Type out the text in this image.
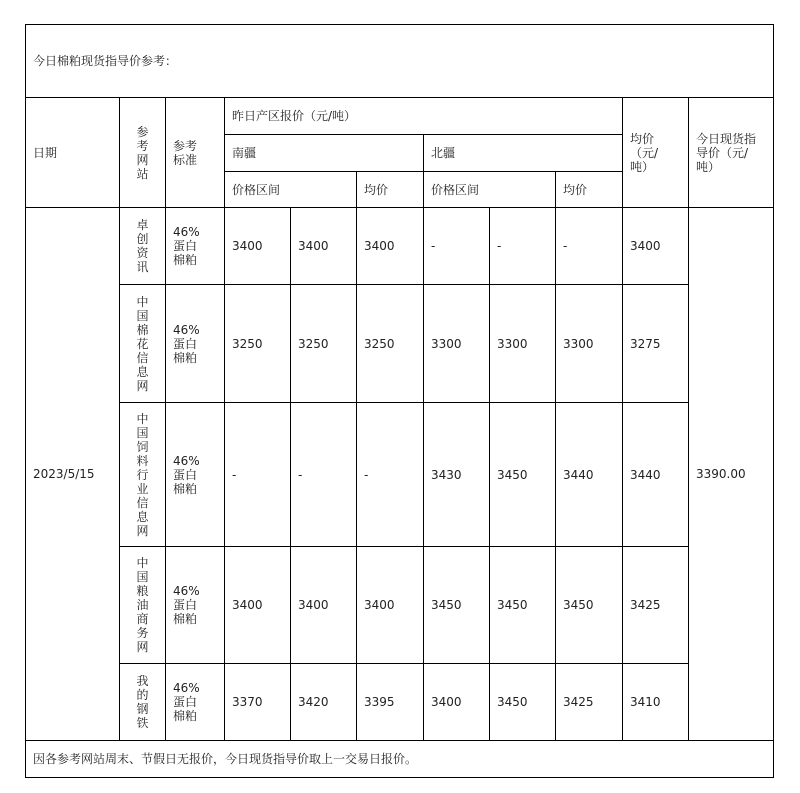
今日棉粕现货指导价参考：										
日期	参考网站	参考标准	昨日产区报价（元/吨）						均价（元/吨）	今日现货指导价（元/吨）
			南疆			北疆				
			价格区间		均价	价格区间		均价		
2023/5/15	卓创资讯	46%蛋白棉粕	3400	3400	3400	-	-	-	3400	3390.00
	中国棉花信息网	46%蛋白棉粕	3250	3250	3250	3300	3300	3300	3275	
	中国饲料行业信息网	46%蛋白棉粕	-	-	-	3430	3450	3440	3440	
	中国粮油商务网	46%蛋白棉粕	3400	3400	3400	3450	3450	3450	3425	
	我的钢铁	46%蛋白棉粕	3370	3420	3395	3400	3450	3425	3410	
因各参考网站周末、节假日无报价，今日现货指导价取上一交易日报价。										
